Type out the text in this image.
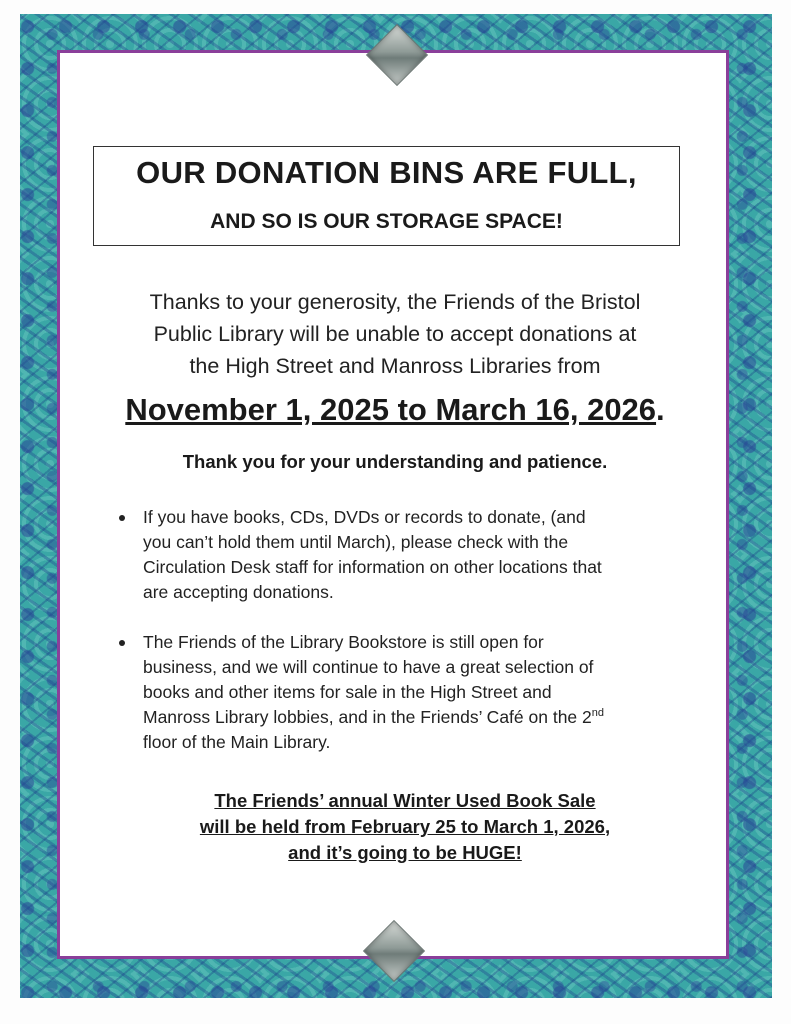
OUR DONATION BINS ARE FULL,
AND SO IS OUR STORAGE SPACE!
Thanks to your generosity, the Friends of the Bristol
Public Library will be unable to accept donations at
the High Street and Manross Libraries from
November 1, 2025 to March 16, 2026.
Thank you for your understanding and patience.
If you have books, CDs, DVDs or records to donate, (and
you can’t hold them until March), please check with the
Circulation Desk staff for information on other locations that
are accepting donations.
The Friends of the Library Bookstore is still open for
business, and we will continue to have a great selection of
books and other items for sale in the High Street and
Manross Library lobbies, and in the Friends’ Café on the 2nd
floor of the Main Library.
The Friends’ annual Winter Used Book Sale
will be held from February 25 to March 1, 2026,
and it’s going to be HUGE!
